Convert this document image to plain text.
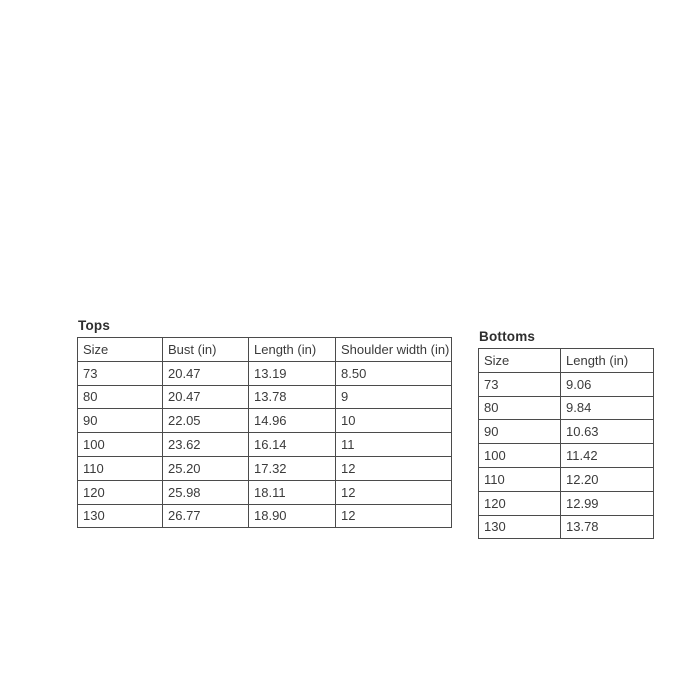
Tops
Size	Bust (in)	Length (in)	Shoulder width (in)
73	20.47	13.19	8.50
80	20.47	13.78	9
90	22.05	14.96	10
100	23.62	16.14	11
110	25.20	17.32	12
120	25.98	18.11	12
130	26.77	18.90	12
Bottoms
Size	Length (in)
73	9.06
80	9.84
90	10.63
100	11.42
110	12.20
120	12.99
130	13.78
